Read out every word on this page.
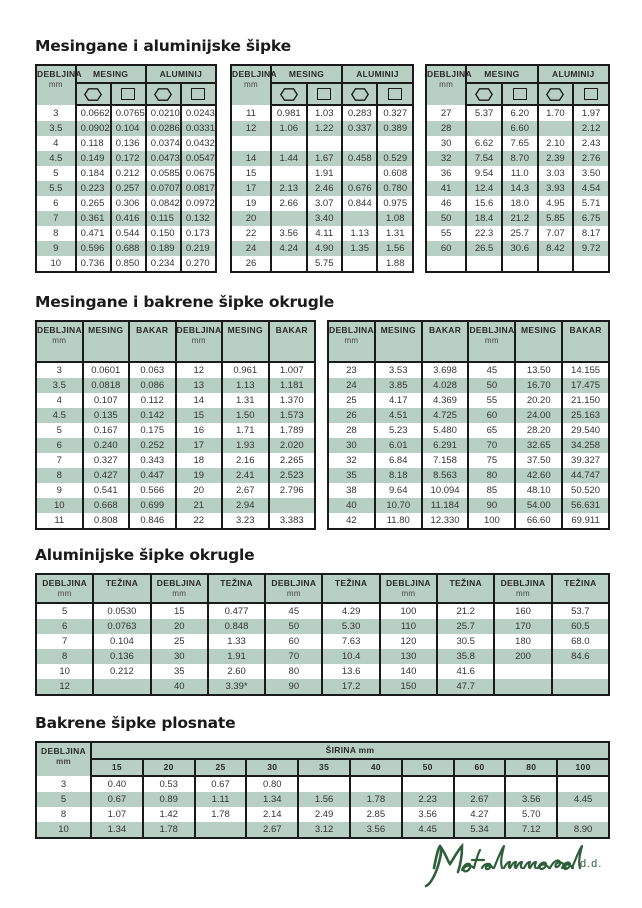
Mesingane i aluminijske šipke
DEBLJINA
mm	MESING		ALUMINIJ	

3	0.0662	0.0765	0.0210	0.0243
3.5	0.0902	0.104	0.0286	0.0331
4	0.118	0.136	0.0374	0.0432
4.5	0.149	0.172	0.0473	0.0547
5	0.184	0.212	0.0585	0.0675
5.5	0.223	0.257	0.0707	0.0817
6	0.265	0.306	0.0842	0.0972
7	0.361	0.416	0.115	0.132
8	0.471	0.544	0.150	0.173
9	0.596	0.688	0.189	0.219
10	0.736	0.850	0.234	0.270
DEBLJINA
mm	MESING		ALUMINIJ	

11	0.981	1.03	0.283	0.327
12	1.06	1.22	0.337	0.389

14	1.44	1.67	0.458	0.529
15		1.91		0.608
17	2.13	2.46	0.676	0.780
19	2.66	3.07	0.844	0.975
20		3.40		1.08
22	3.56	4.11	1.13	1.31
24	4.24	4.90	1.35	1.56
26		5.75		1.88
DEBLJINA
mm	MESING		ALUMINIJ	

27	5.37	6.20	1.70	1.97
28		6.60		2.12
30	6.62	7.65	2.10	2.43
32	7.54	8.70	2.39	2.76
36	9.54	11.0	3.03	3.50
41	12.4	14.3	3.93	4.54
46	15.6	18.0	4.95	5.71
50	18.4	21.2	5.85	6.75
55	22.3	25.7	7.07	8.17
60	26.5	30.6	8.42	9.72

Mesingane i bakrene šipke okrugle
DEBLJINA
mm	MESING	BAKAR	DEBLJINA
mm	MESING	BAKAR
3	0.0601	0.063	12	0.961	1.007
3.5	0.0818	0.086	13	1.13	1.181
4	0.107	0.112	14	1.31	1.370
4.5	0.135	0.142	15	1.50	1.573
5	0.167	0.175	16	1.71	1.789
6	0.240	0.252	17	1.93	2.020
7	0.327	0.343	18	2.16	2.265
8	0.427	0.447	19	2.41	2.523
9	0.541	0.566	20	2.67	2.796
10	0.668	0.699	21	2.94	
11	0.808	0.846	22	3.23	3.383
DEBLJINA
mm	MESING	BAKAR	DEBLJINA
mm	MESING	BAKAR
23	3.53	3.698	45	13.50	14.155
24	3.85	4.028	50	16.70	17.475
25	4.17	4.369	55	20.20	21.150
26	4.51	4.725	60	24.00	25.163
28	5.23	5.480	65	28.20	29.540
30	6.01	6.291	70	32.65	34.258
32	6.84	7.158	75	37.50	39.327
35	8.18	8.563	80	42.60	44.747
38	9.64	10.094	85	48.10	50.520
40	10.70	11.184	90	54.00	56.631
42	11.80	12.330	100	66.60	69.911
Aluminijske šipke okrugle
DEBLJINA
mm	TEŽINA	DEBLJINA
mm	TEŽINA	DEBLJINA
mm	TEŽINA	DEBLJINA
mm	TEŽINA	DEBLJINA
mm	TEŽINA
5	0.0530	15	0.477	45	4.29	100	21.2	160	53.7
6	0.0763	20	0.848	50	5.30	110	25.7	170	60.5
7	0.104	25	1.33	60	7.63	120	30.5	180	68.0
8	0.136	30	1.91	70	10.4	130	35.8	200	84.6
10	0.212	35	2.60	80	13.6	140	41.6		
12		40	3.39*	90	17.2	150	47.7		
Bakrene šipke plosnate
DEBLJINA
mm	ŠIRINA mm									
	15	20	25	30	35	40	50	60	80	100
3	0.40	0.53	0.67	0.80						
5	0.67	0.89	1.11	1.34	1.56	1.78	2.23	2.67	3.56	4.45
8	1.07	1.42	1.78	2.14	2.49	2.85	3.56	4.27	5.70	
10	1.34	1.78		2.67	3.12	3.56	4.45	5.34	7.12	8.90
d.d.
